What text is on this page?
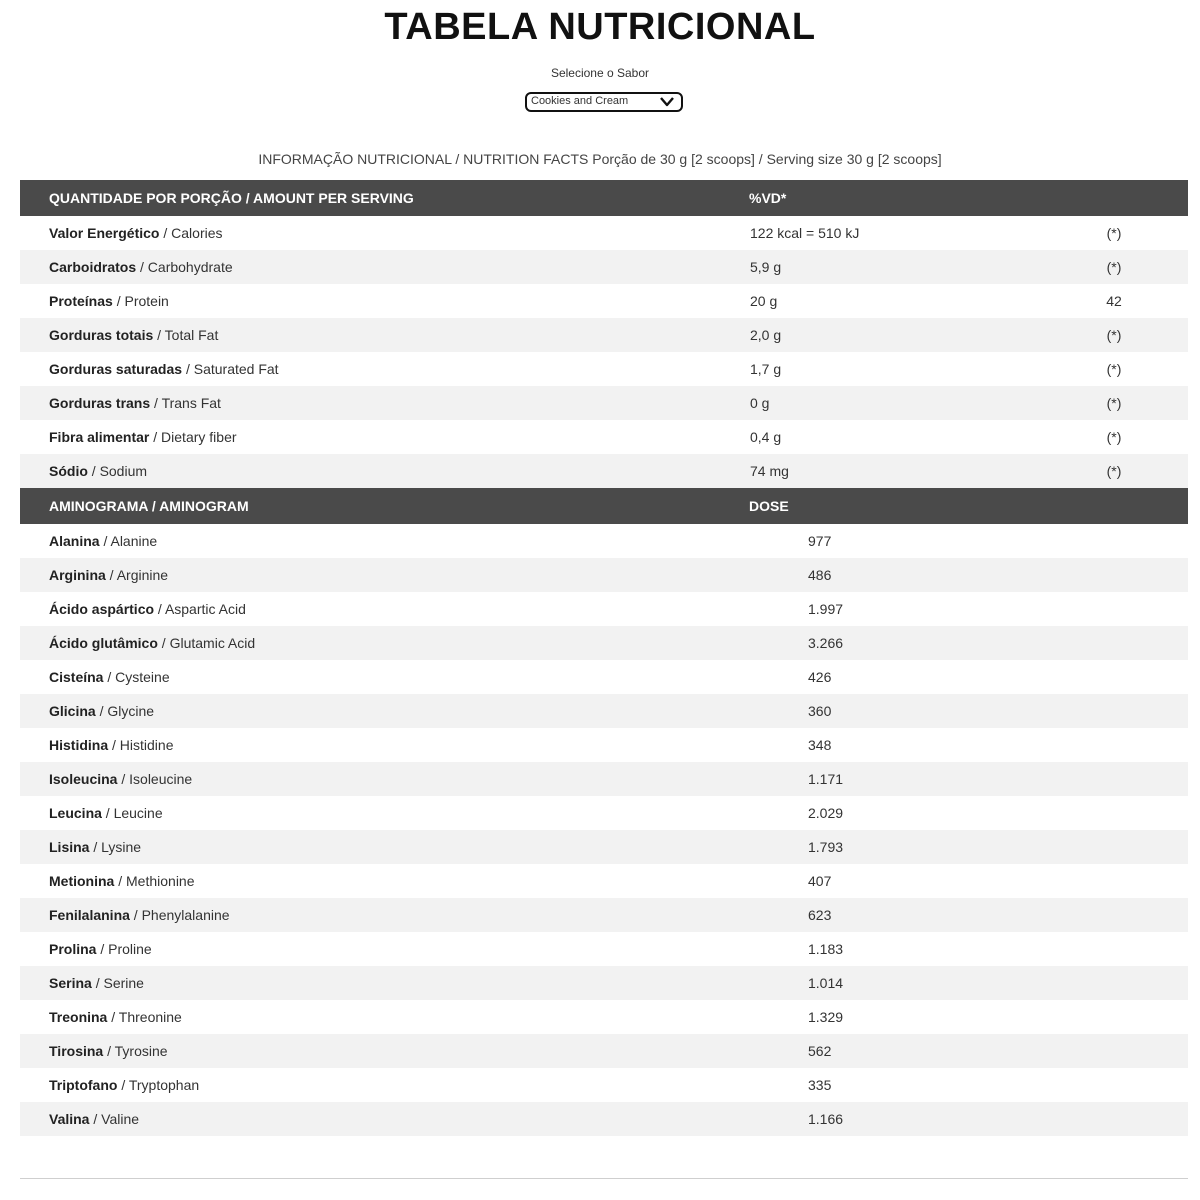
TABELA NUTRICIONAL
Selecione o Sabor
Cookies and Cream
INFORMAÇÃO NUTRICIONAL / NUTRITION FACTS Porção de 30 g [2 scoops] / Serving size 30 g [2 scoops]
QUANTIDADE POR PORÇÃO / AMOUNT PER SERVING	%VD*
Valor Energético / Calories	122 kcal = 510 kJ	(*)
Carboidratos / Carbohydrate	5,9 g	(*)
Proteínas / Protein	20 g	42
Gorduras totais / Total Fat	2,0 g	(*)
Gorduras saturadas / Saturated Fat	1,7 g	(*)
Gorduras trans / Trans Fat	0 g	(*)
Fibra alimentar / Dietary fiber	0,4 g	(*)
Sódio / Sodium	74 mg	(*)
AMINOGRAMA / AMINOGRAM	DOSE
Alanina / Alanine	977
Arginina / Arginine	486
Ácido aspártico / Aspartic Acid	1.997
Ácido glutâmico / Glutamic Acid	3.266
Cisteína / Cysteine	426
Glicina / Glycine	360
Histidina / Histidine	348
Isoleucina / Isoleucine	1.171
Leucina / Leucine	2.029
Lisina / Lysine	1.793
Metionina / Methionine	407
Fenilalanina / Phenylalanine	623
Prolina / Proline	1.183
Serina / Serine	1.014
Treonina / Threonine	1.329
Tirosina / Tyrosine	562
Triptofano / Tryptophan	335
Valina / Valine	1.166
